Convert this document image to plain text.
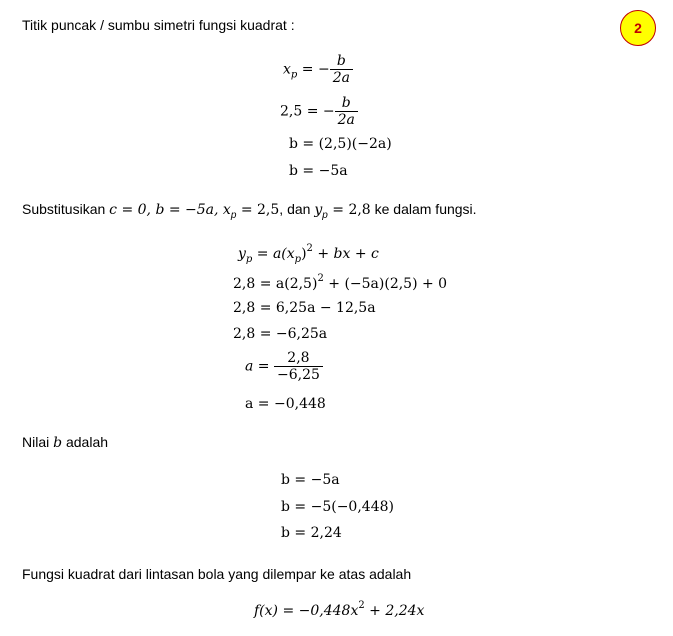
2
Titik puncak / sumbu simetri fungsi kuadrat :
$x_p$ = − $\frac{b}{2a}$
2,5 = − $\frac{b}{2a}$
b = (2,5)(−2a)
b = −5a
Substitusikan c = 0, b = −5a, $x_p = 2,5$, dan $y_p = 2,8$ ke dalam fungsi.
$y_p = a(x_p)^2$ + bx + c
$2,8 = a(2,5)^2 + (-5a)(2,5) + 0$
2,8 = 6,25a − 12,5a
2,8 = −6,25a
$a = \frac{2,8}{-6,25}$
a = −0,448
Nilai b adalah
b = −5a
b = −5(−0,448)
b = 2,24
Fungsi kuadrat dari lintasan bola yang dilempar ke atas adalah
$f(x) = -0,448x^2 + 2,24x$
